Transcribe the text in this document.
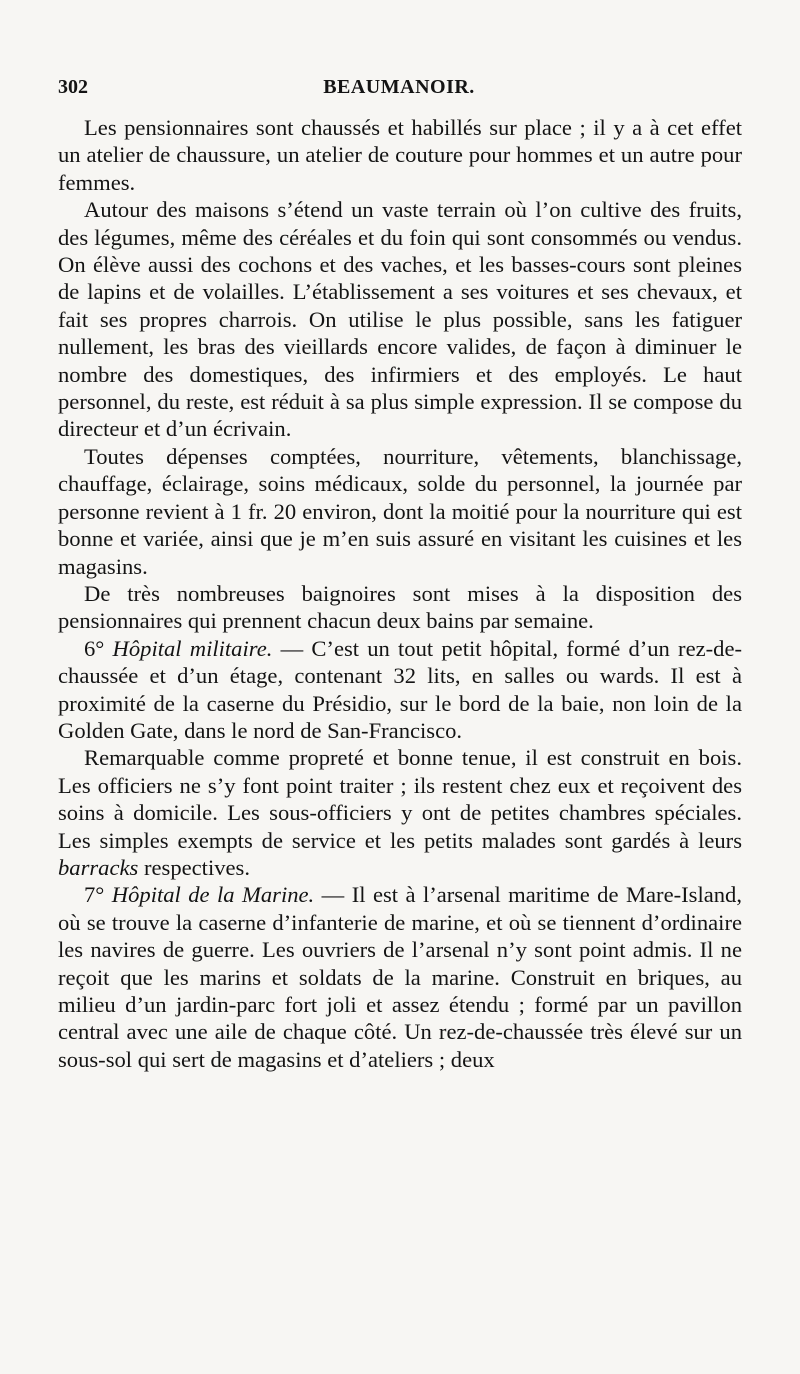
302	BEAUMANOIR.

Les pensionnaires sont chaussés et habillés sur place ; il y a à cet effet un atelier de chaussure, un atelier de couture pour hommes et un autre pour femmes.

Autour des maisons s’étend un vaste terrain où l’on cultive des fruits, des légumes, même des céréales et du foin qui sont consommés ou vendus. On élève aussi des cochons et des vaches, et les basses-cours sont pleines de lapins et de volailles. L’établissement a ses voitures et ses chevaux, et fait ses propres charrois. On utilise le plus possible, sans les fatiguer nullement, les bras des vieillards encore valides, de façon à diminuer le nombre des domestiques, des infirmiers et des employés. Le haut personnel, du reste, est réduit à sa plus simple expression. Il se compose du directeur et d’un écrivain.

Toutes dépenses comptées, nourriture, vêtements, blanchissage, chauffage, éclairage, soins médicaux, solde du personnel, la journée par personne revient à 1 fr. 20 environ, dont la moitié pour la nourriture qui est bonne et variée, ainsi que je m’en suis assuré en visitant les cuisines et les magasins.

De très nombreuses baignoires sont mises à la disposition des pensionnaires qui prennent chacun deux bains par semaine.

6° Hôpital militaire. — C’est un tout petit hôpital, formé d’un rez-de-chaussée et d’un étage, contenant 32 lits, en salles ou wards. Il est à proximité de la caserne du Présidio, sur le bord de la baie, non loin de la Golden Gate, dans le nord de San-Francisco.

Remarquable comme propreté et bonne tenue, il est construit en bois. Les officiers ne s’y font point traiter ; ils restent chez eux et reçoivent des soins à domicile. Les sous-officiers y ont de petites chambres spéciales. Les simples exempts de service et les petits malades sont gardés à leurs barracks respectives.

7° Hôpital de la Marine. — Il est à l’arsenal maritime de Mare-Island, où se trouve la caserne d’infanterie de marine, et où se tiennent d’ordinaire les navires de guerre. Les ouvriers de l’arsenal n’y sont point admis. Il ne reçoit que les marins et soldats de la marine. Construit en briques, au milieu d’un jardin-parc fort joli et assez étendu ; formé par un pavillon central avec une aile de chaque côté. Un rez-de-chaussée très élevé sur un sous-sol qui sert de magasins et d’ateliers ; deux
